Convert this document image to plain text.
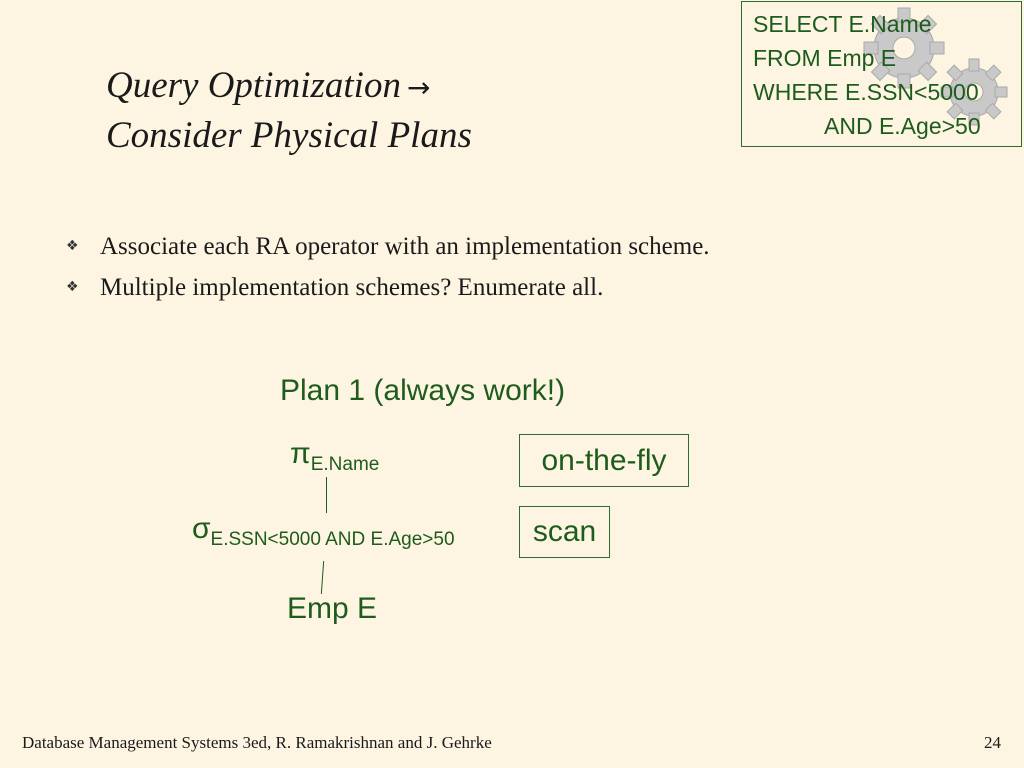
Query Optimization →
Consider Physical Plans
SELECT E.Name
FROM Emp E
WHERE E.SSN<5000
AND E.Age>50
❖ Associate each RA operator with an implementation scheme.
❖ Multiple implementation schemes? Enumerate all.
Plan 1 (always work!)
$\pi_{E.Name}$
$\sigma_{E.SSN<5000 AND E.Age>50}$
Emp E
on-the-fly
scan
Database Management Systems 3ed, R. Ramakrishnan and J. Gehrke	24
